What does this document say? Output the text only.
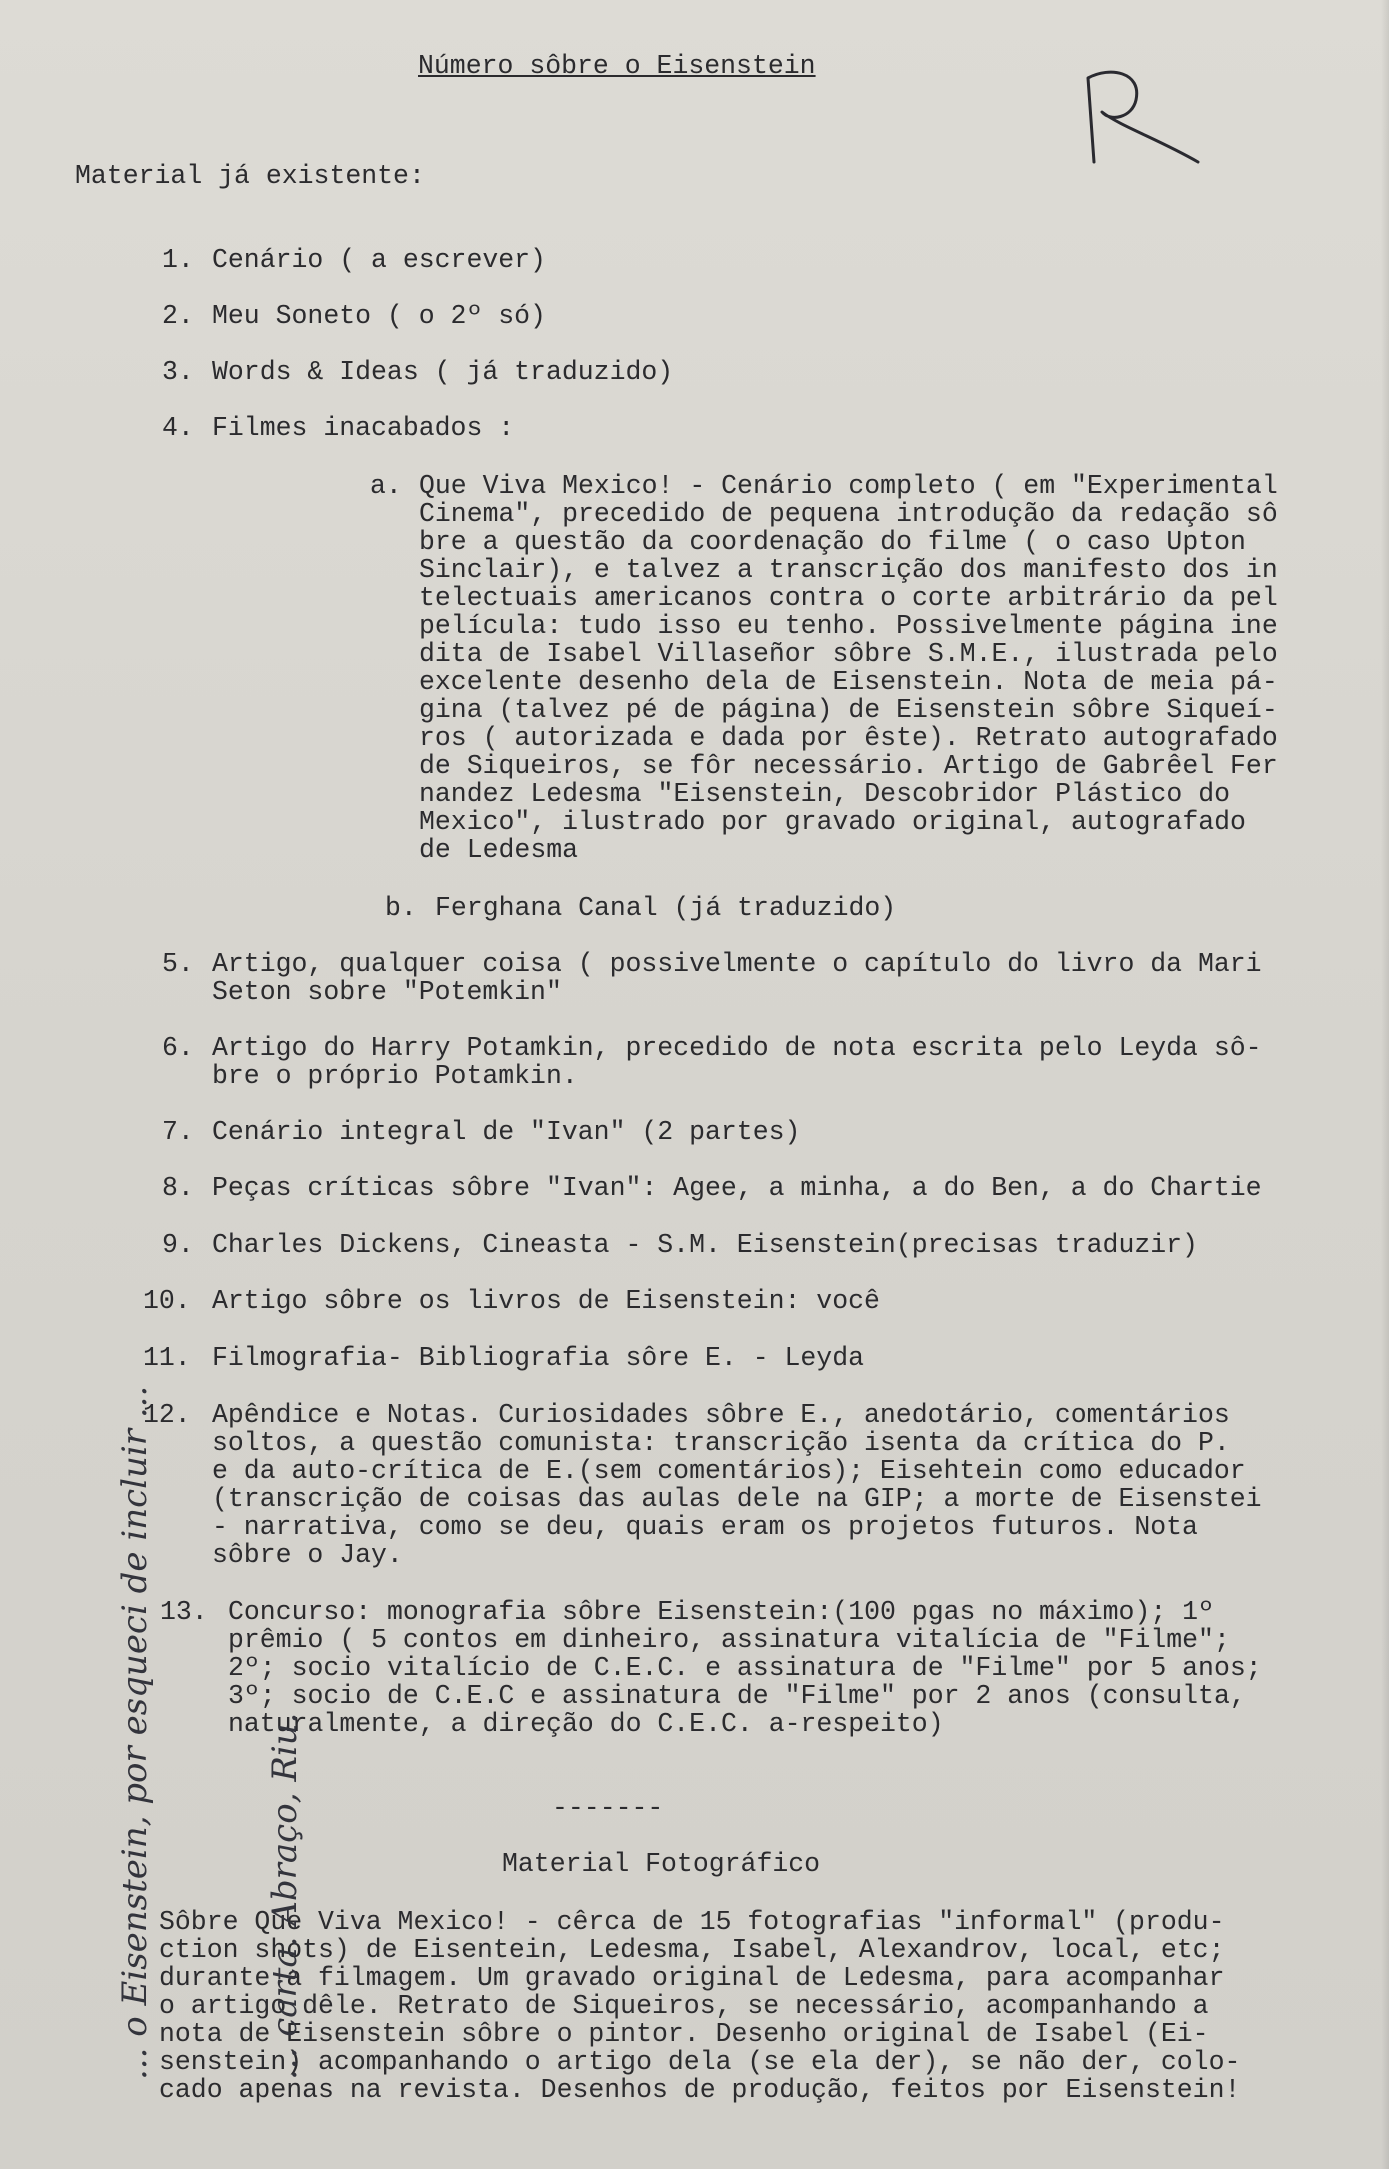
Número sôbre o Eisenstein
Material já existente:
1. Cenário ( a escrever)
2. Meu Soneto ( o 2º só)
3. Words & Ideas ( já traduzido)
4. Filmes inacabados :
a. Que Viva Mexico! - Cenário completo ( em "Experimental
Cinema", precedido de pequena introdução da redação sô
bre a questão da coordenação do filme ( o caso Upton
Sinclair), e talvez a transcrição dos manifesto dos in
telectuais americanos contra o corte arbitrário da pel
película: tudo isso eu tenho. Possivelmente página ine
dita de Isabel Villaseñor sôbre S.M.E., ilustrada pelo
excelente desenho dela de Eisenstein. Nota de meia pá-
gina (talvez pé de página) de Eisenstein sôbre Siqueí-
ros ( autorizada e dada por êste). Retrato autografado
de Siqueiros, se fôr necessário. Artigo de Gabrêel Fer
nandez Ledesma "Eisenstein, Descobridor Plástico do
Mexico", ilustrado por gravado original, autografado
de Ledesma
b. Ferghana Canal (já traduzido)
5. Artigo, qualquer coisa ( possivelmente o capítulo do livro da Mari
Seton sobre "Potemkin"
6. Artigo do Harry Potamkin, precedido de nota escrita pelo Leyda sô-
bre o próprio Potamkin.
7. Cenário integral de "Ivan" (2 partes)
8. Peças críticas sôbre "Ivan": Agee, a minha, a do Ben, a do Chartie
9. Charles Dickens, Cineasta - S.M. Eisenstein(precisas traduzir)
10. Artigo sôbre os livros de Eisenstein: você
11. Filmografia- Bibliografia sôre E. - Leyda
12. Apêndice e Notas. Curiosidades sôbre E., anedotário, comentários
soltos, a questão comunista: transcrição isenta da crítica do P.
e da auto-crítica de E.(sem comentários); Eisehtein como educador
(transcrição de coisas das aulas dele na GIP; a morte de Eisenstei
- narrativa, como se deu, quais eram os projetos futuros. Nota
sôbre o Jay.
13. Concurso: monografia sôbre Eisenstein:(100 pgas no máximo); 1º
prêmio ( 5 contos em dinheiro, assinatura vitalícia de "Filme";
2º; socio vitalício de C.E.C. e assinatura de "Filme" por 5 anos;
3º; socio de C.E.C e assinatura de "Filme" por 2 anos (consulta,
naturalmente, a direção do C.E.C. a-respeito)
-------
Material Fotográfico
Sôbre Que Viva Mexico! - cêrca de 15 fotografias "informal" (produ-
ction shots) de Eisentein, Ledesma, Isabel, Alexandrov, local, etc;
durante a filmagem. Um gravado original de Ledesma, para acompanhar
o artigo dêle. Retrato de Siqueiros, se necessário, acompanhando a
nota de Eisenstein sôbre o pintor. Desenho original de Isabel (Ei-
senstein) acompanhando o artigo dela (se ela der), se não der, colo-
cado apenas na revista. Desenhos de produção, feitos por Eisenstein!

... o Eisenstein, por esqueci de incluir ...

	... carta. Abraço, Riu.
